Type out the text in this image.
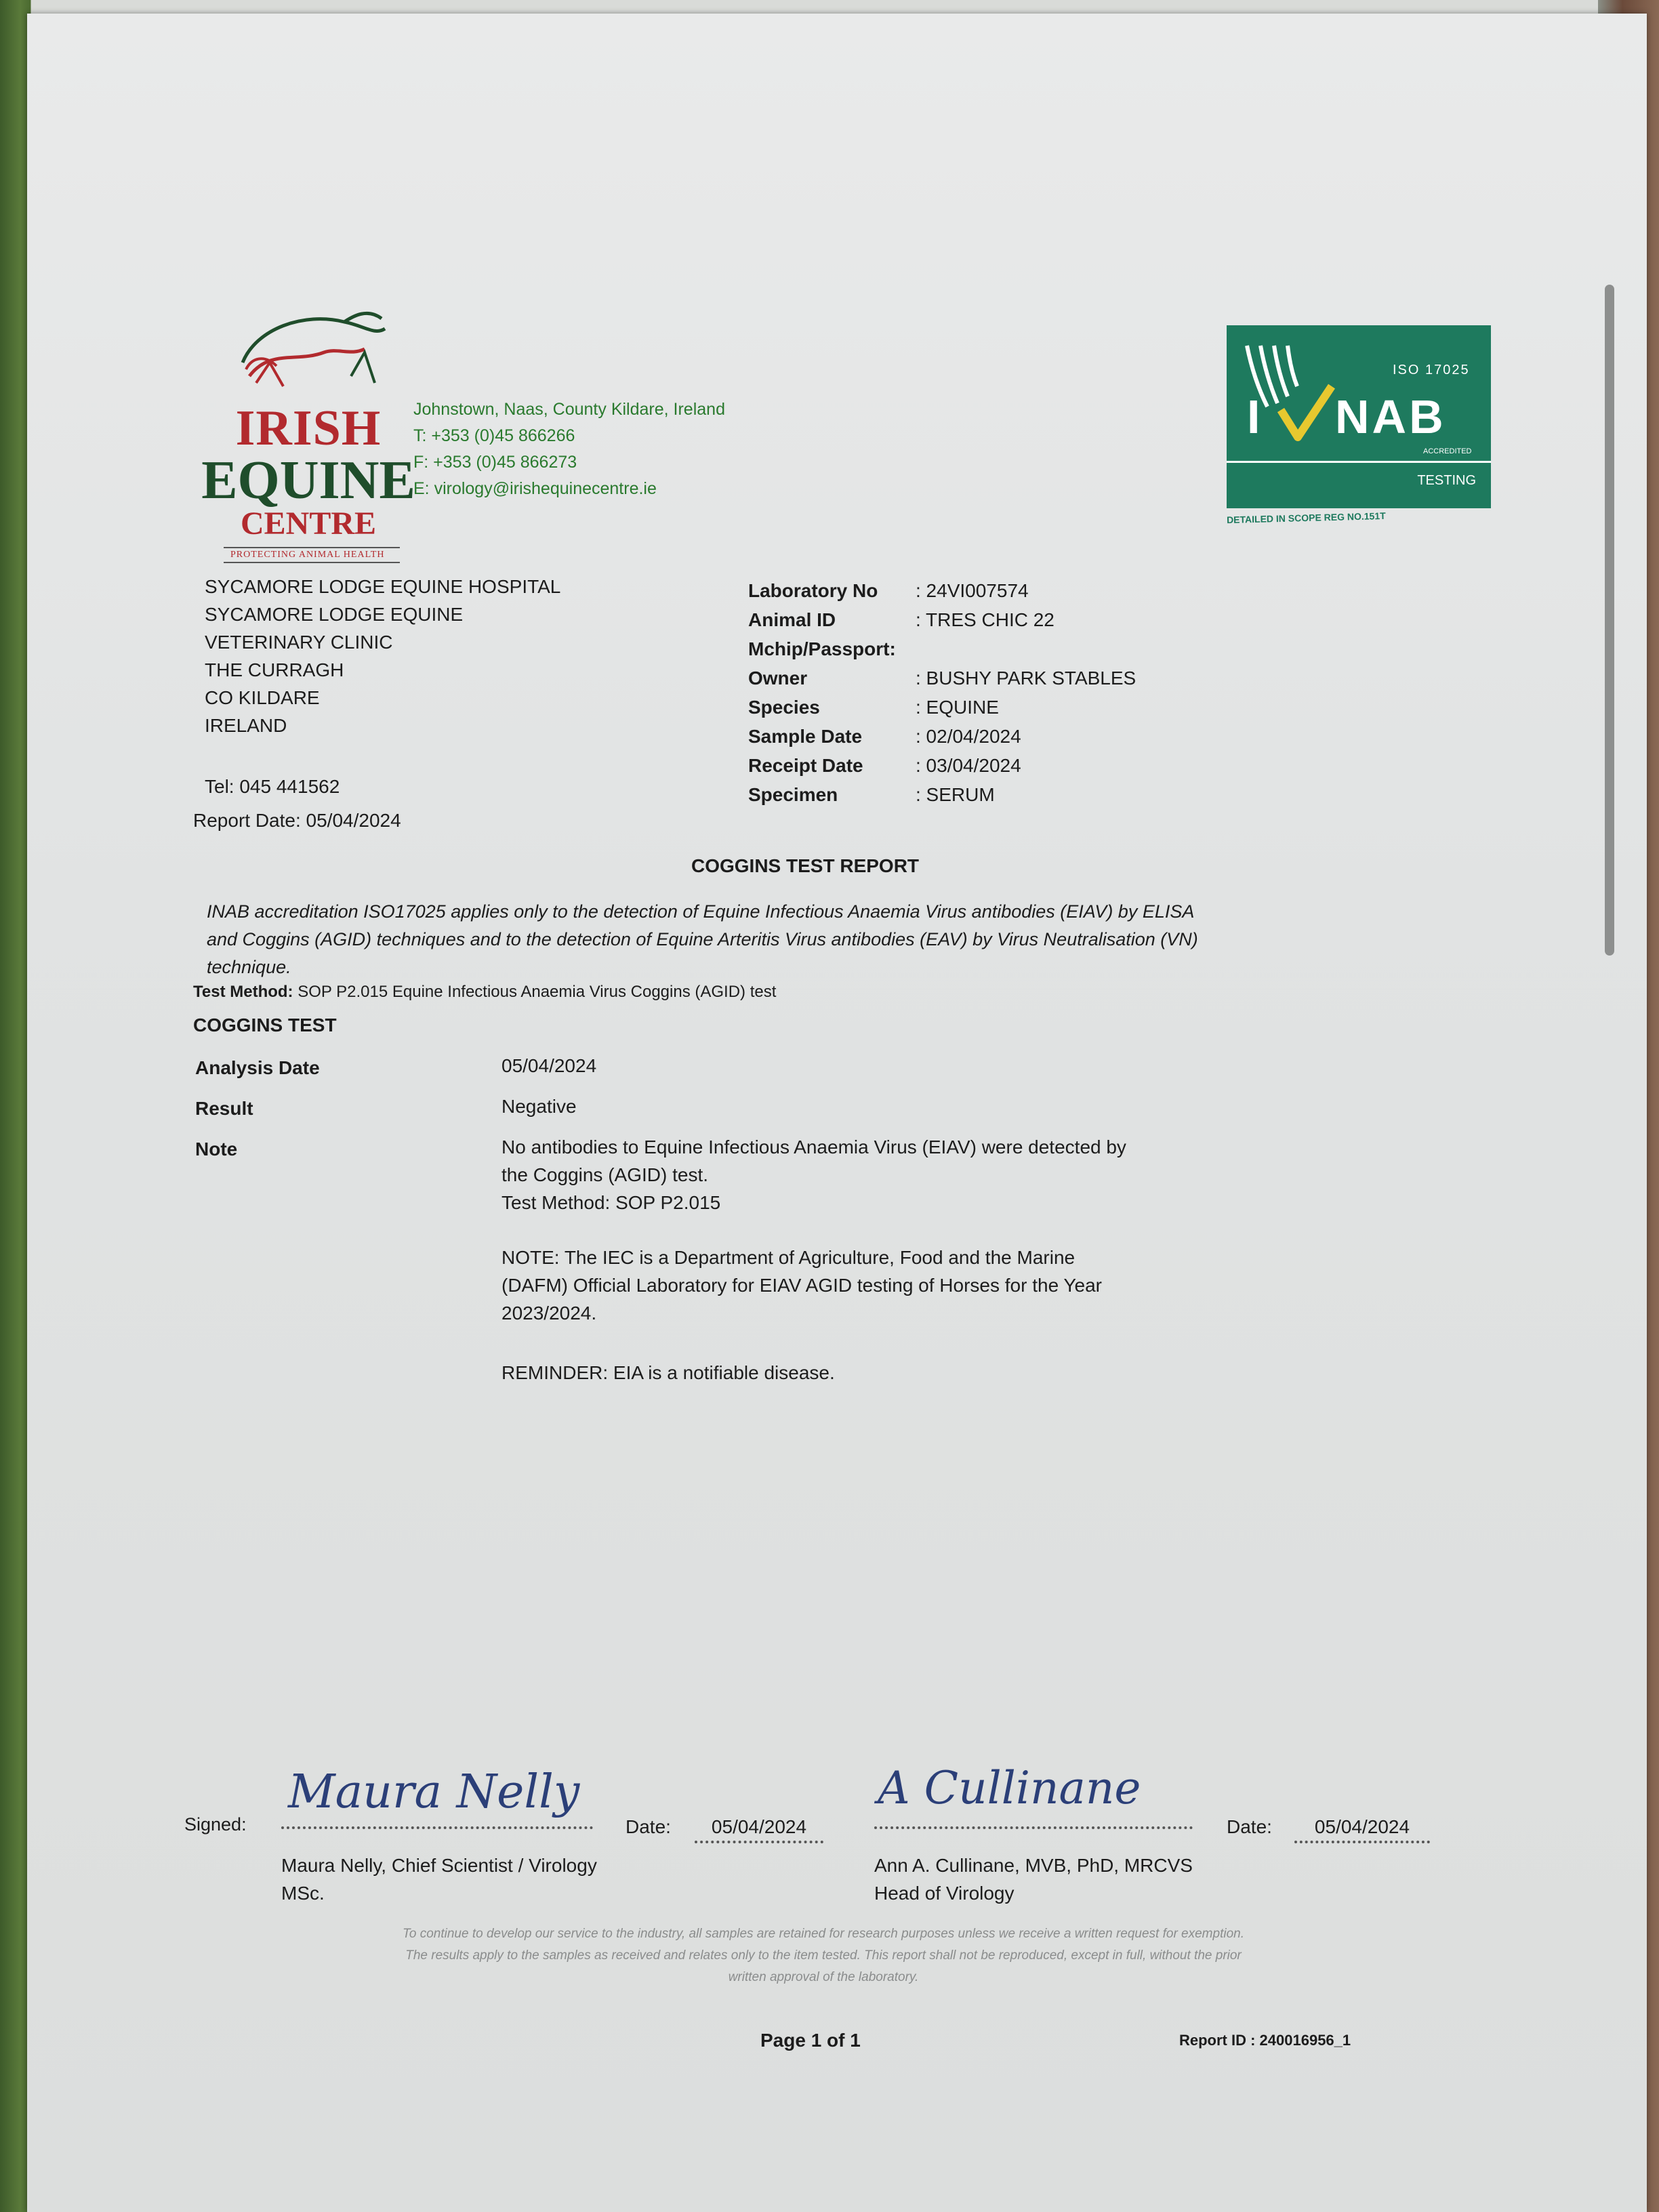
IRISH
EQUINE
CENTRE
PROTECTING ANIMAL HEALTH
Johnstown, Naas, County Kildare, Ireland
T: +353 (0)45 866266
F: +353 (0)45 866273
E: virology@irishequinecentre.ie
ISO 17025
I NAB
ACCREDITED
TESTING
DETAILED IN SCOPE REG NO.151T
SYCAMORE LODGE EQUINE HOSPITAL
SYCAMORE LODGE EQUINE
VETERINARY CLINIC
THE CURRAGH
CO KILDARE
IRELAND
Tel: 045 441562
Report Date: 05/04/2024
Laboratory No	: 24VI007574
Animal ID	: TRES CHIC 22
Mchip/Passport:	
Owner	: BUSHY PARK STABLES
Species	: EQUINE
Sample Date	: 02/04/2024
Receipt Date	: 03/04/2024
Specimen	: SERUM
COGGINS TEST REPORT
INAB accreditation ISO17025 applies only to the detection of Equine Infectious Anaemia Virus antibodies (EIAV) by ELISA
and Coggins (AGID) techniques and to the detection of Equine Arteritis Virus antibodies (EAV) by Virus Neutralisation (VN)
technique.
Test Method: SOP P2.015 Equine Infectious Anaemia Virus Coggins (AGID) test
COGGINS TEST
Analysis Date	05/04/2024
Result	Negative
Note	No antibodies to Equine Infectious Anaemia Virus (EIAV) were detected by
the Coggins (AGID) test.
Test Method: SOP P2.015
NOTE: The IEC is a Department of Agriculture, Food and the Marine
(DAFM) Official Laboratory for EIAV AGID testing of Horses for the Year
2023/2024.
REMINDER: EIA is a notifiable disease.
Signed:
Maura Nelly
Date:	05/04/2024
A Cullinane
Date:	05/04/2024
Maura Nelly, Chief Scientist / Virology
MSc.
Ann A. Cullinane, MVB, PhD, MRCVS
Head of Virology
To continue to develop our service to the industry, all samples are retained for research purposes unless we receive a written request for exemption.
The results apply to the samples as received and relates only to the item tested. This report shall not be reproduced, except in full, without the prior
written approval of the laboratory.
Page 1 of 1	Report ID : 240016956_1
